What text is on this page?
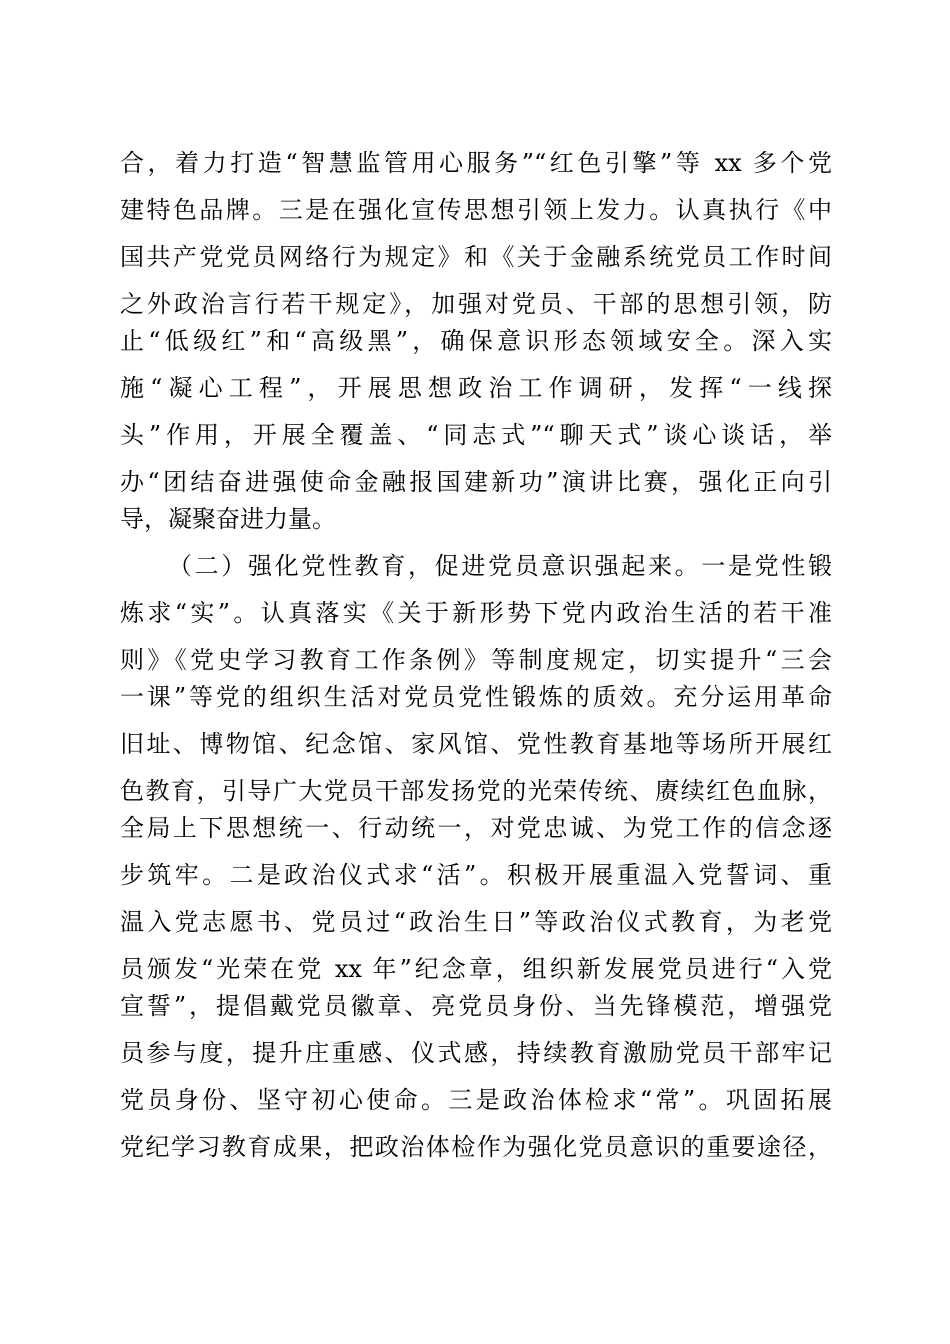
合，着力打造“智慧监管用心服务”“红色引擎”等 xx 多个党
建特色品牌。三是在强化宣传思想引领上发力。认真执行《中
国共产党党员网络行为规定》和《关于金融系统党员工作时间
之外政治言行若干规定》，加强对党员、干部的思想引领，防
止“低级红”和“高级黑”，确保意识形态领域安全。深入实
施“凝心工程”，开展思想政治工作调研，发挥“一线探
头”作用，开展全覆盖、“同志式”“聊天式”谈心谈话，举
办“团结奋进强使命金融报国建新功”演讲比赛，强化正向引
导，凝聚奋进力量。
（二）强化党性教育，促进党员意识强起来。一是党性锻
炼求“实”。认真落实《关于新形势下党内政治生活的若干准
则》《党史学习教育工作条例》等制度规定，切实提升“三会
一课”等党的组织生活对党员党性锻炼的质效。充分运用革命
旧址、博物馆、纪念馆、家风馆、党性教育基地等场所开展红
色教育，引导广大党员干部发扬党的光荣传统、赓续红色血脉，
全局上下思想统一、行动统一，对党忠诚、为党工作的信念逐
步筑牢。二是政治仪式求“活”。积极开展重温入党誓词、重
温入党志愿书、党员过“政治生日”等政治仪式教育，为老党
员颁发“光荣在党 xx 年”纪念章，组织新发展党员进行“入党
宣誓”，提倡戴党员徽章、亮党员身份、当先锋模范，增强党
员参与度，提升庄重感、仪式感，持续教育激励党员干部牢记
党员身份、坚守初心使命。三是政治体检求“常”。巩固拓展
党纪学习教育成果，把政治体检作为强化党员意识的重要途径，
